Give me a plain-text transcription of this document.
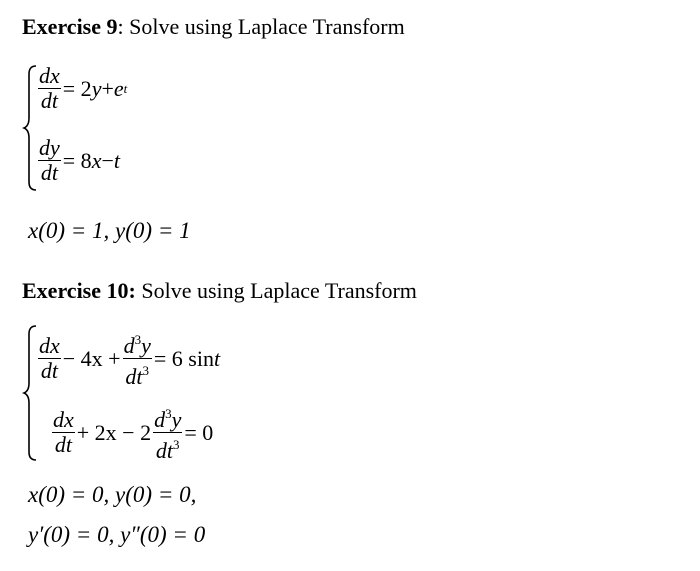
Exercise 9: Solve using Laplace Transform
$\frac{dx}{dt} = 2$ y + e t
$\frac{dy}{dt} = 8$ x − t
x(0) = 1, y(0) = 1
Exercise 10: Solve using Laplace Transform
$\frac{dx}{dt} - 4x + \frac{d^3y}{dt^3} = 6$ sin t
$\frac{dx}{dt} + 2x - 2 \frac{d^3y}{dt^3} = 0$
x(0) = 0, y(0) = 0,
y′(0) = 0, y″(0) = 0
